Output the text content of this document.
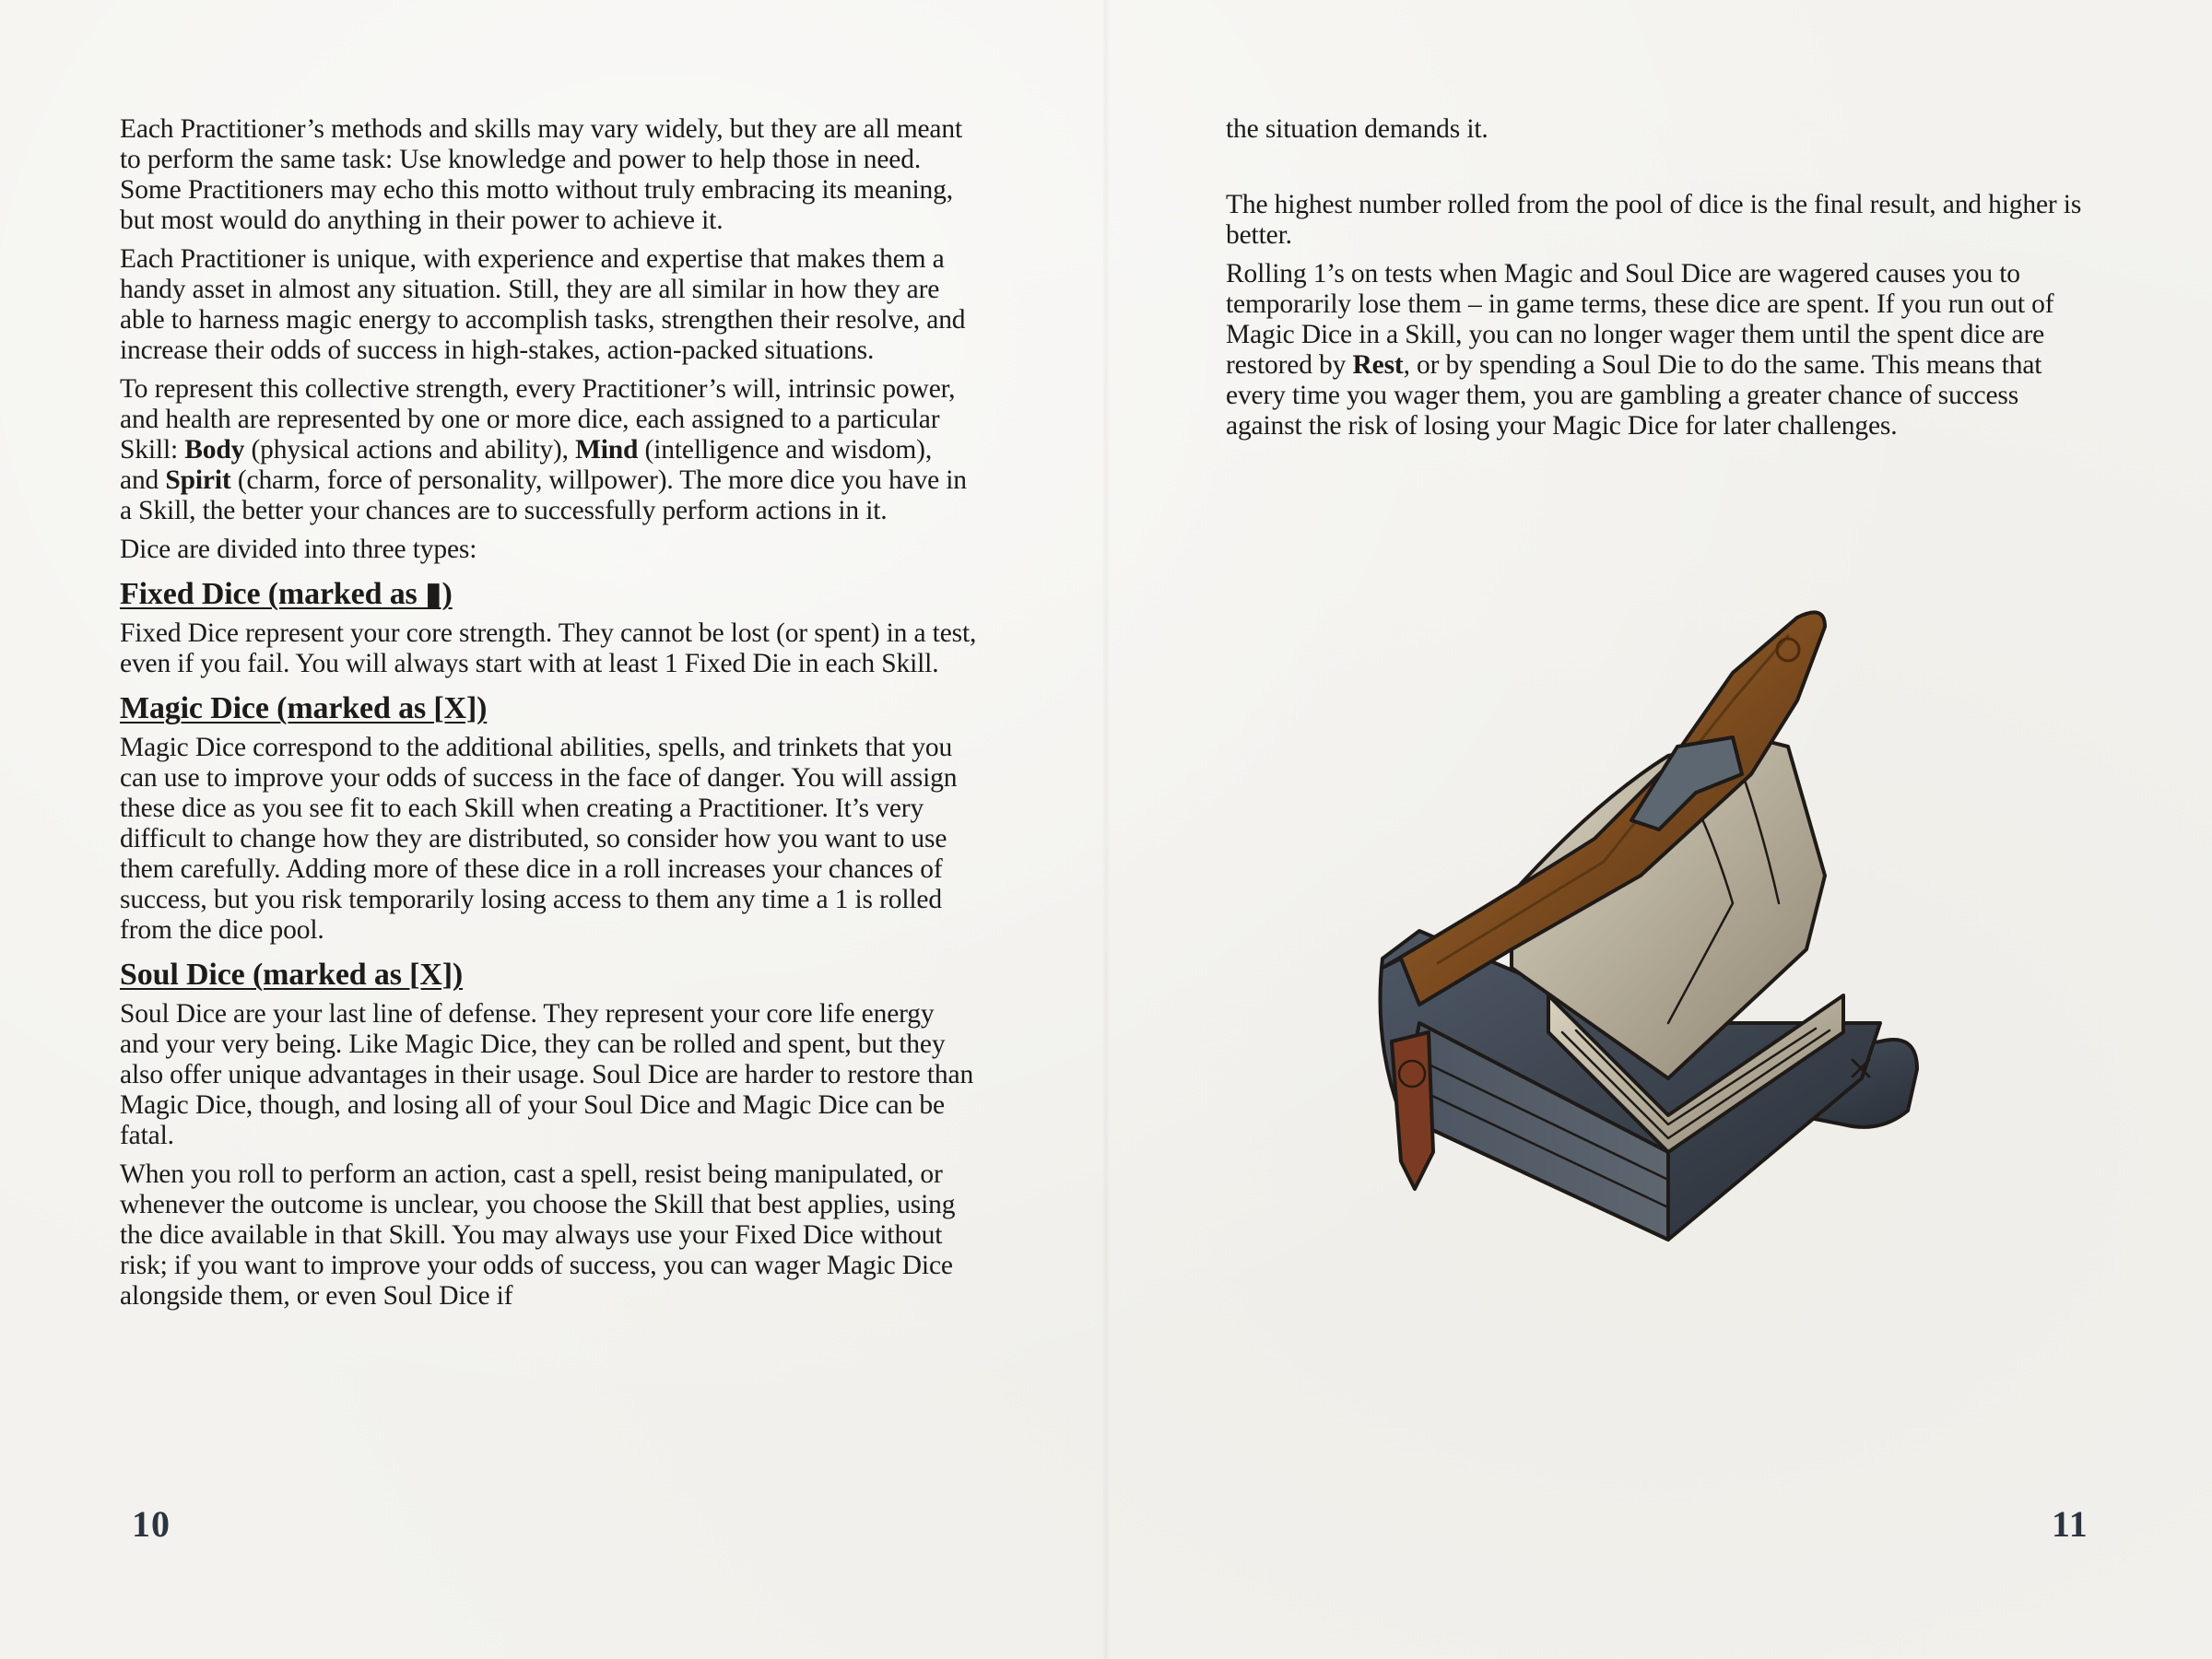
Each Practitioner’s methods and skills may vary widely, but they are all meant to perform the same task: Use knowledge and power to help those in need. Some Practitioners may echo this motto without truly embracing its meaning, but most would do anything in their power to achieve it.

Each Practitioner is unique, with experience and expertise that makes them a handy asset in almost any situation. Still, they are all similar in how they are able to harness magic energy to accomplish tasks, strengthen their resolve, and increase their odds of success in high-stakes, action-packed situations.

To represent this collective strength, every Practitioner’s will, intrinsic power, and health are represented by one or more dice, each assigned to a particular Skill: Body (physical actions and ability), Mind (intelligence and wisdom), and Spirit (charm, force of personality, willpower). The more dice you have in a Skill, the better your chances are to successfully perform actions in it.

Dice are divided into three types:

Fixed Dice (marked as ▮)

Fixed Dice represent your core strength. They cannot be lost (or spent) in a test, even if you fail. You will always start with at least 1 Fixed Die in each Skill.

Magic Dice (marked as [X])

Magic Dice correspond to the additional abilities, spells, and trinkets that you can use to improve your odds of success in the face of danger. You will assign these dice as you see fit to each Skill when creating a Practitioner. It’s very difficult to change how they are distributed, so consider how you want to use them carefully. Adding more of these dice in a roll increases your chances of success, but you risk temporarily losing access to them any time a 1 is rolled from the dice pool.

Soul Dice (marked as [X])

Soul Dice are your last line of defense. They represent your core life energy and your very being. Like Magic Dice, they can be rolled and spent, but they also offer unique advantages in their usage. Soul Dice are harder to restore than Magic Dice, though, and losing all of your Soul Dice and Magic Dice can be fatal.

When you roll to perform an action, cast a spell, resist being manipulated, or whenever the outcome is unclear, you choose the Skill that best applies, using the dice available in that Skill. You may always use your Fixed Dice without risk; if you want to improve your odds of success, you can wager Magic Dice alongside them, or even Soul Dice if

10

the situation demands it.

The highest number rolled from the pool of dice is the final result, and higher is better.

Rolling 1’s on tests when Magic and Soul Dice are wagered causes you to temporarily lose them – in game terms, these dice are spent. If you run out of Magic Dice in a Skill, you can no longer wager them until the spent dice are restored by Rest, or by spending a Soul Die to do the same. This means that every time you wager them, you are gambling a greater chance of success against the risk of losing your Magic Dice for later challenges.

11
